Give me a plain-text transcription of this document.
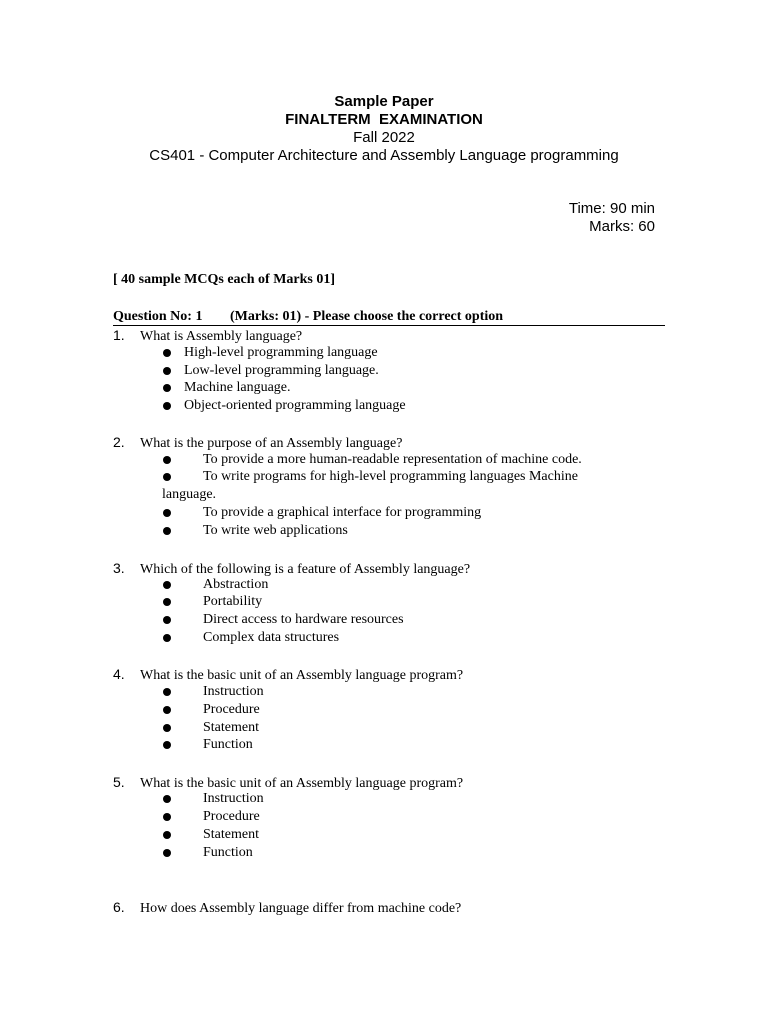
Sample Paper
FINALTERM  EXAMINATION
Fall 2022
CS401 - Computer Architecture and Assembly Language programming
Time: 90 min
Marks: 60
[ 40 sample MCQs each of Marks 01]
Question No: 1 (Marks: 01) - Please choose the correct option
1. What is Assembly language?
High-level programming language
Low-level programming language.
Machine language.
Object-oriented programming language
2. What is the purpose of an Assembly language?
To provide a more human-readable representation of machine code.
To write programs for high-level programming languages Machine
language.
To provide a graphical interface for programming
To write web applications
3. Which of the following is a feature of Assembly language?
Abstraction
Portability
Direct access to hardware resources
Complex data structures
4. What is the basic unit of an Assembly language program?
Instruction
Procedure
Statement
Function
5. What is the basic unit of an Assembly language program?
Instruction
Procedure
Statement
Function
6. How does Assembly language differ from machine code?
